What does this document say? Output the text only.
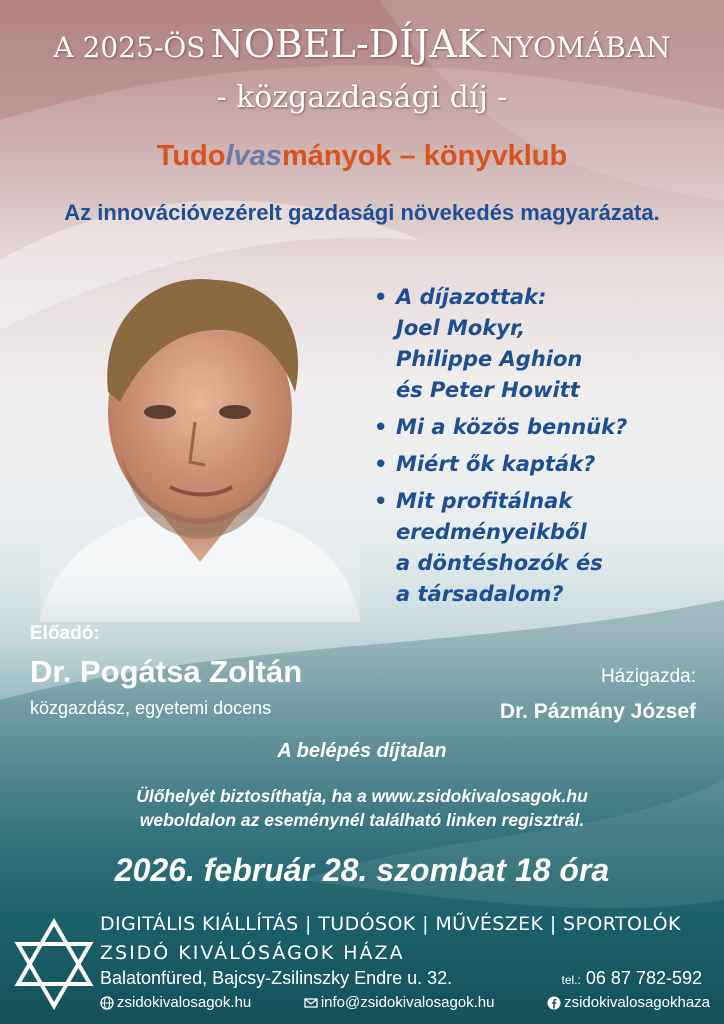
A 2025-ÖS NOBEL-DÍJAK NYOMÁBAN
- közgazdasági díj -
Tudolvasmányok – könyvklub
Az innovációvezérelt gazdasági növekedés magyarázata.
• A díjazottak:
Joel Mokyr,
Philippe Aghion
és Peter Howitt
• Mi a közös bennük?
• Miért ők kapták?
• Mit profitálnak
eredményeikből
a döntéshozók és
a társadalom?
Előadó:
Dr. Pogátsa Zoltán
közgazdász, egyetemi docens
Házigazda:
Dr. Pázmány József
A belépés díjtalan
Ülőhelyét biztosíthatja, ha a www.zsidokivalosagok.hu
weboldalon az eseménynél található linken regisztrál.
2026. február 28. szombat 18 óra
DIGITÁLIS KIÁLLÍTÁS | TUDÓSOK | MŰVÉSZEK | SPORTOLÓK
ZSIDÓ KIVÁLÓSÁGOK HÁZA
Balatonfüred, Bajcsy-Zsilinszky Endre u. 32.	tel.: 06 87 782-592
zsidokivalosagok.hu	info@zsidokivalosagok.hu	zsidokivalosagokhaza
